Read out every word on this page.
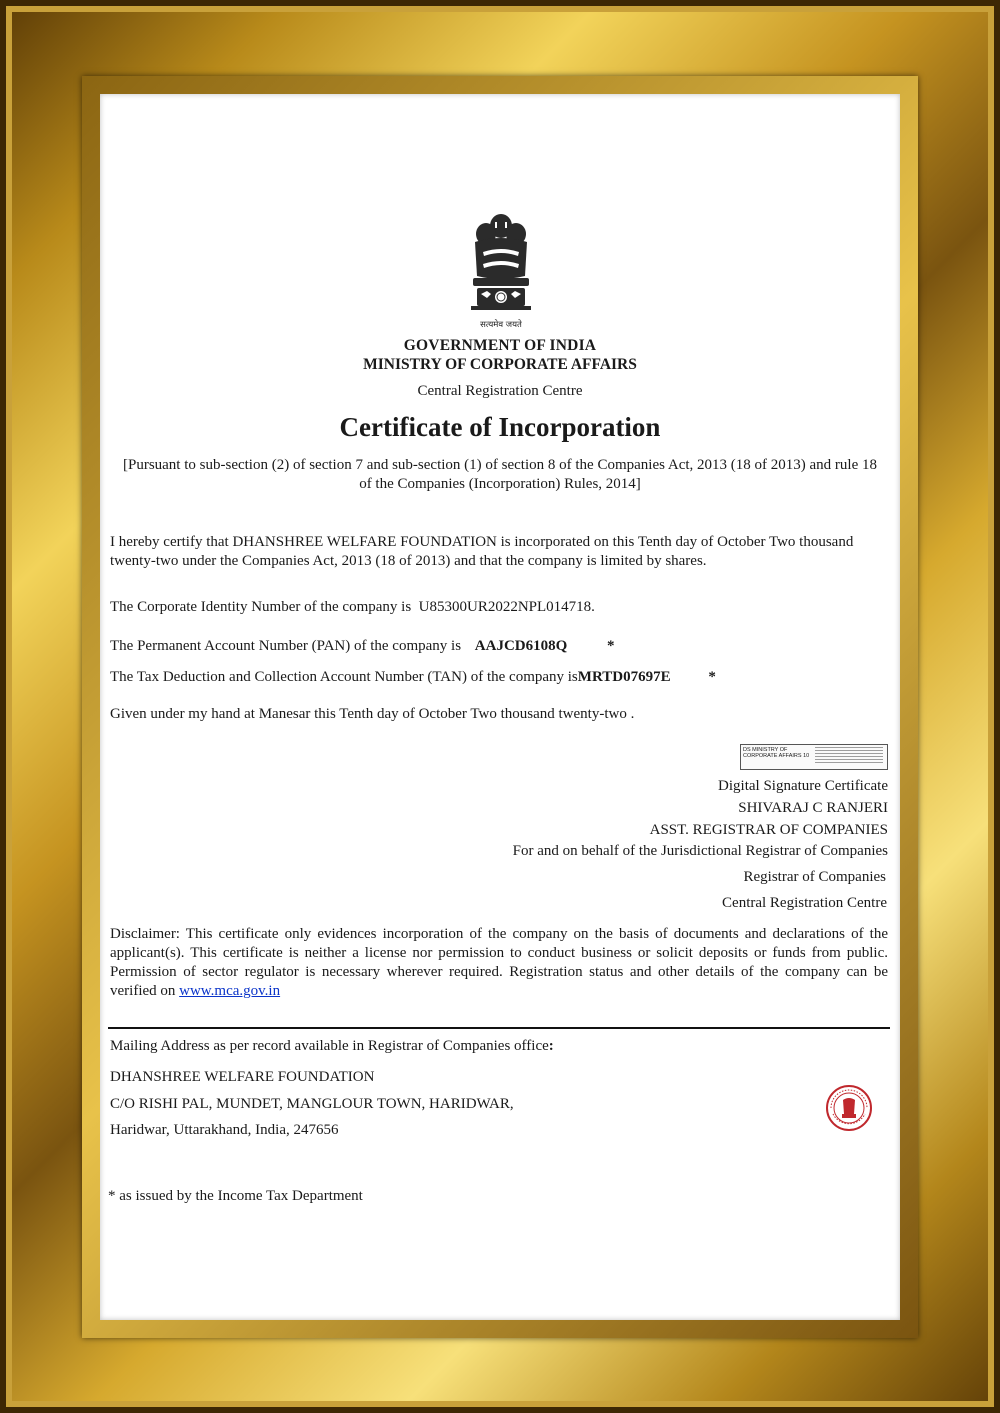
सत्यमेव जयते
GOVERNMENT OF INDIA
MINISTRY OF CORPORATE AFFAIRS
Central Registration Centre
Certificate of Incorporation
[Pursuant to sub-section (2) of section 7 and sub-section (1) of section 8 of the Companies Act, 2013 (18 of 2013) and rule 18 of the Companies (Incorporation) Rules, 2014]
I hereby certify that DHANSHREE WELFARE FOUNDATION is incorporated on this Tenth day of October Two thousand twenty-two under the Companies Act, 2013 (18 of 2013) and that the company is limited by shares.
The Corporate Identity Number of the company is U85300UR2022NPL014718.
The Permanent Account Number (PAN) of the company is AAJCD6108Q	*
The Tax Deduction and Collection Account Number (TAN) of the company isMRTD07697E	*
Given under my hand at Manesar this Tenth day of October Two thousand twenty-two .
DS MINISTRY OF CORPORATE AFFAIRS 10
Digital Signature Certificate
SHIVARAJ C RANJERI
ASST. REGISTRAR OF COMPANIES
For and on behalf of the Jurisdictional Registrar of Companies
Registrar of Companies
Central Registration Centre
Disclaimer: This certificate only evidences incorporation of the company on the basis of documents and declarations of the applicant(s). This certificate is neither a license nor permission to conduct business or solicit deposits or funds from public. Permission of sector regulator is necessary wherever required. Registration status and other details of the company can be verified on www.mca.gov.in
Mailing Address as per record available in Registrar of Companies office:
DHANSHREE WELFARE FOUNDATION
C/O RISHI PAL, MUNDET, MANGLOUR TOWN, HARIDWAR,
Haridwar, Uttarakhand, India, 247656
* as issued by the Income Tax Department
